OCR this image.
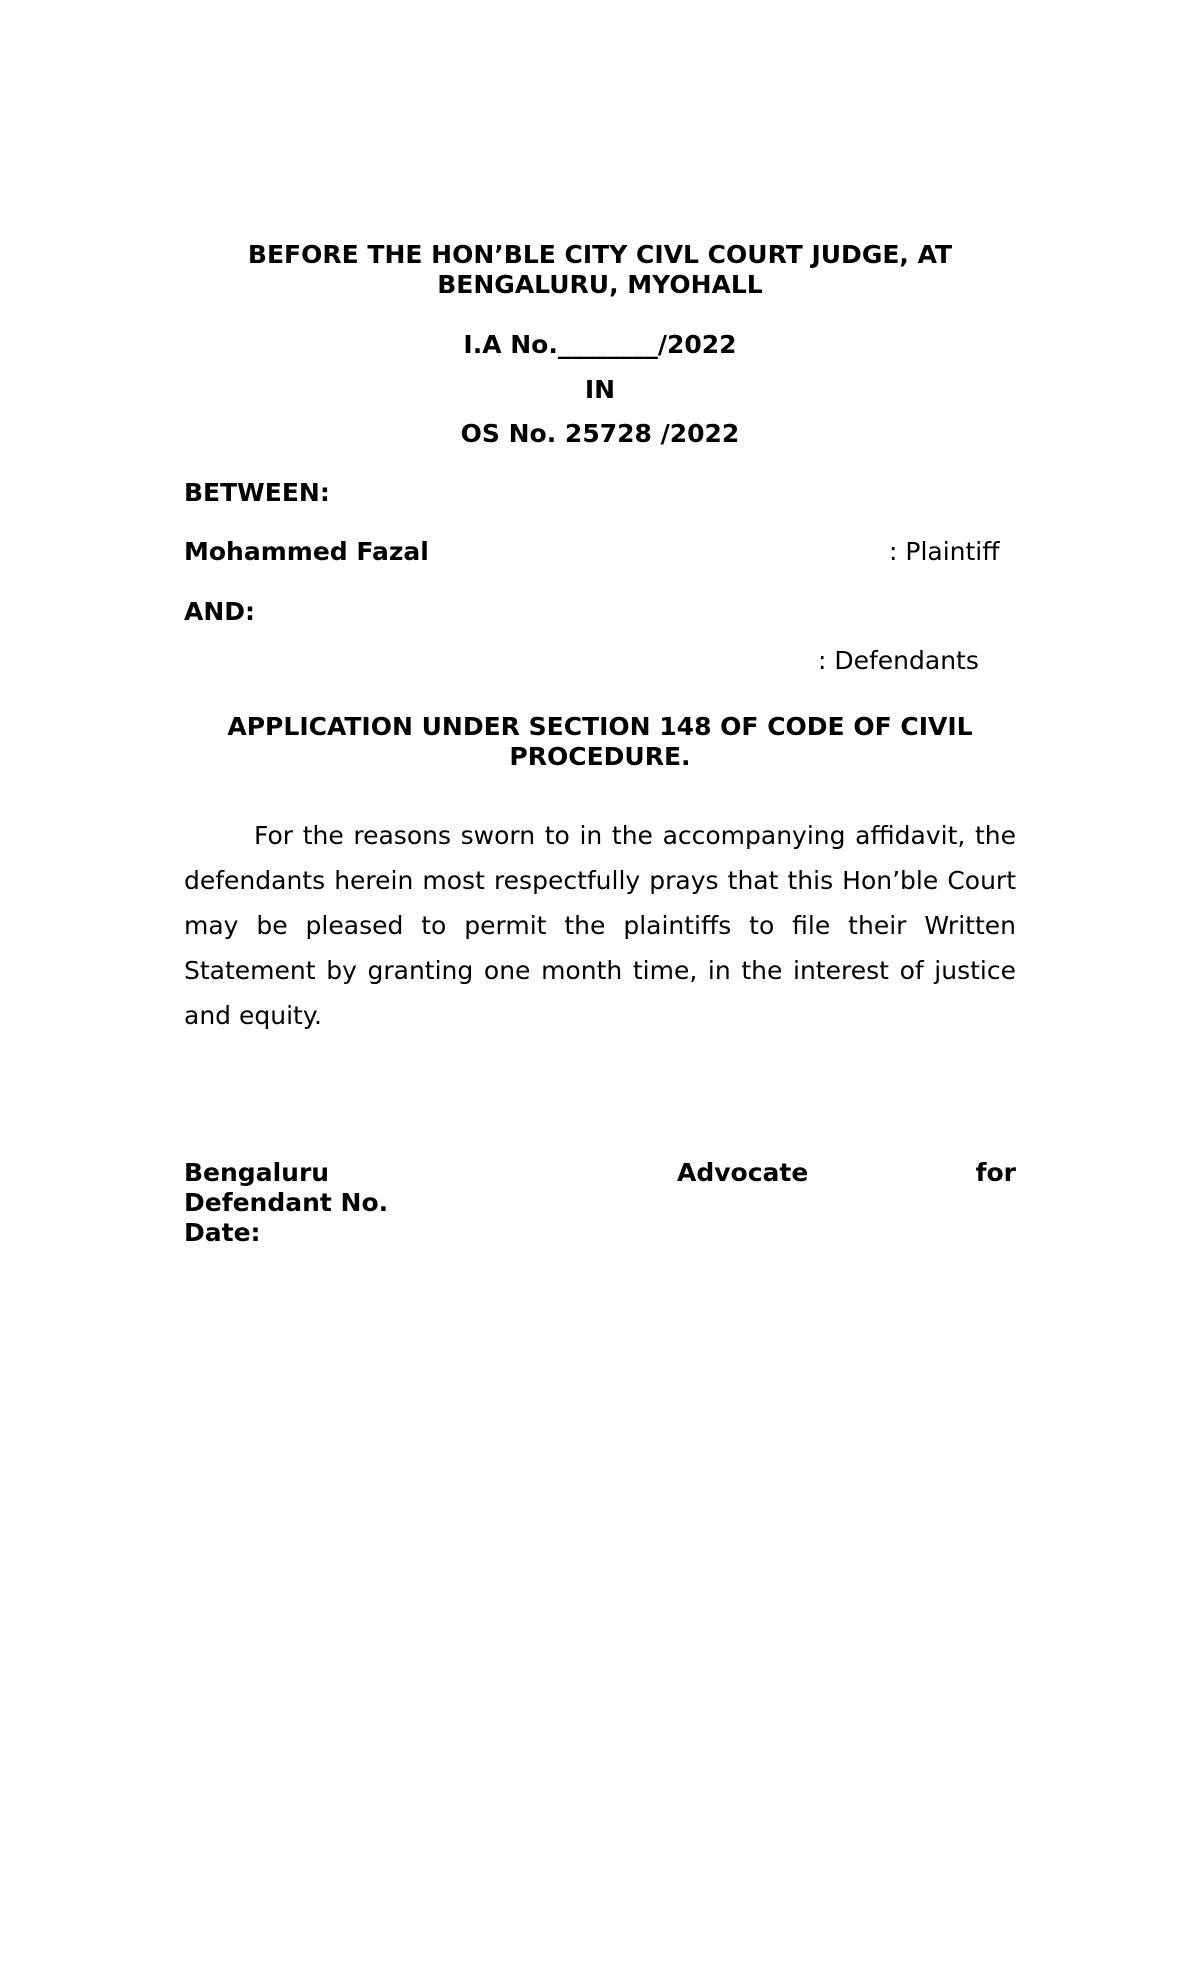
BEFORE THE HON’BLE CITY CIVL COURT JUDGE, AT BENGALURU, MYOHALL

I.A No.________/2022

IN

OS No. 25728 /2022

BETWEEN:

Mohammed Fazal	: Plaintiff

AND:

: Defendants

APPLICATION UNDER SECTION 148 OF CODE OF CIVIL PROCEDURE.

For the reasons sworn to in the accompanying affidavit, the defendants herein most respectfully prays that this Hon’ble Court may be pleased to permit the plaintiffs to file their Written Statement by granting one month time, in the interest of justice and equity.

Bengaluru	Advocate	for

Defendant No.

Date:
